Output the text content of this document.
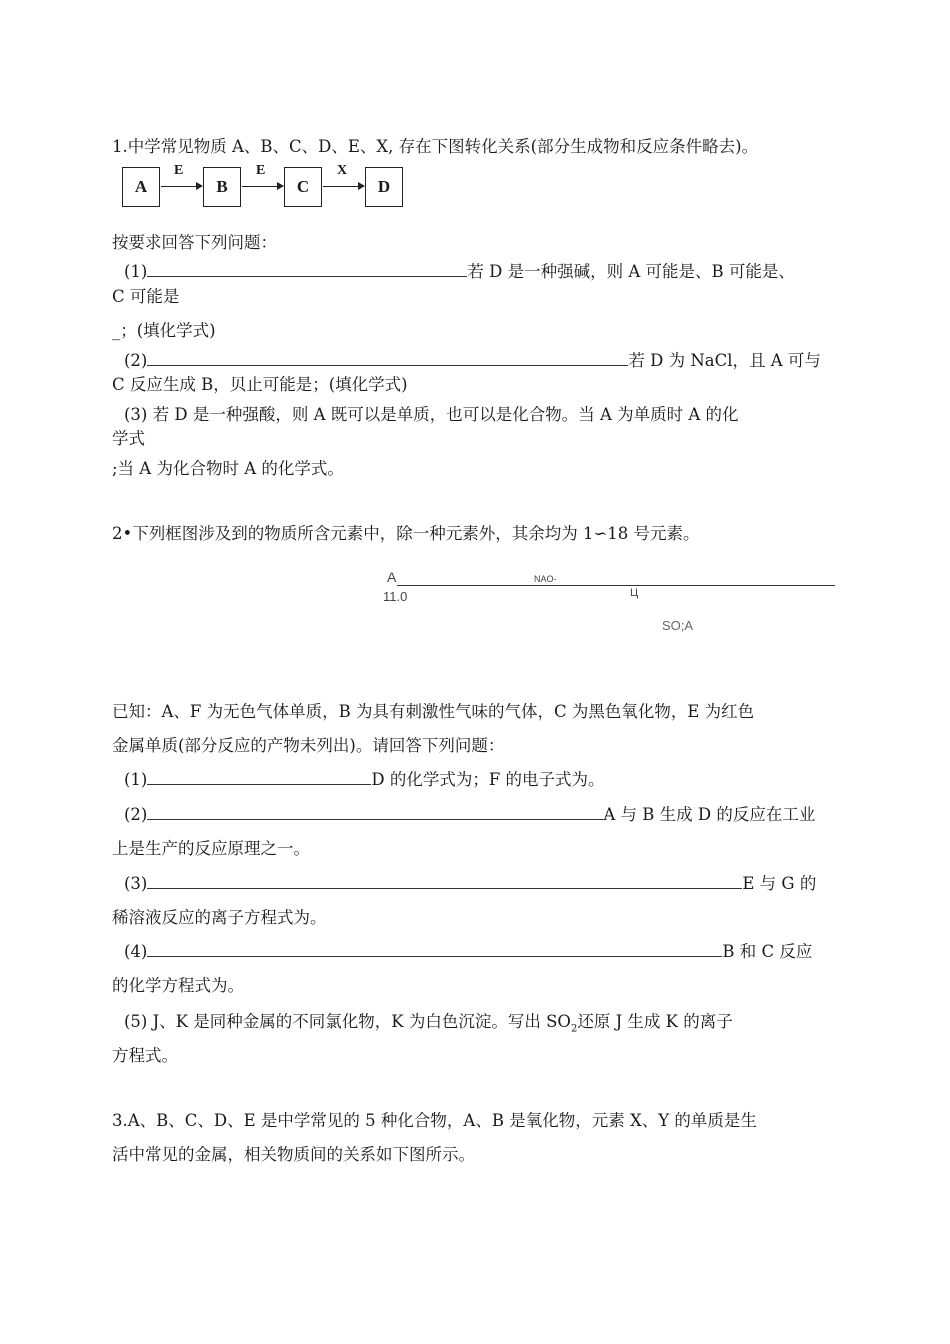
1.中学常见物质 A、B、C、D、E、X, 存在下图转化关系(部分生成物和反应条件略去)。
A
E
B
E
C
X
D
按要求回答下列问题：
(1)	若 D 是一种强碱，则 A 可能是、B 可能是、
C 可能是
_；(填化学式)
(2)	若 D 为 NaCl，且 A 可与
C 反应生成 B，贝止可能是；(填化学式)
(3) 若 D 是一种强酸，则 A 既可以是单质，也可以是化合物。当 A 为单质时 A 的化
学式
;当 A 为化合物时 A 的化学式。
2•下列框图涉及到的物质所含元素中，除一种元素外，其余均为 1∽18 号元素。
A
11.0
NAO-
Ц
SO;A
已知：A、F 为无色气体单质，B 为具有刺激性气味的气体，C 为黑色氧化物，E 为红色
金属单质(部分反应的产物未列出)。请回答下列问题：
(1)	D 的化学式为；F 的电子式为。
(2)	A 与 B 生成 D 的反应在工业
上是生产的反应原理之一。
(3)	E 与 G 的
稀溶液反应的离子方程式为。
(4)	B 和 C 反应
的化学方程式为。
(5) J、K 是同种金属的不同氯化物，K 为白色沉淀。写出 $SO_2$还原 J 生成 K 的离子
方程式。
3.A、B、C、D、E 是中学常见的 5 种化合物，A、B 是氧化物，元素 X、Y 的单质是生
活中常见的金属，相关物质间的关系如下图所示。
